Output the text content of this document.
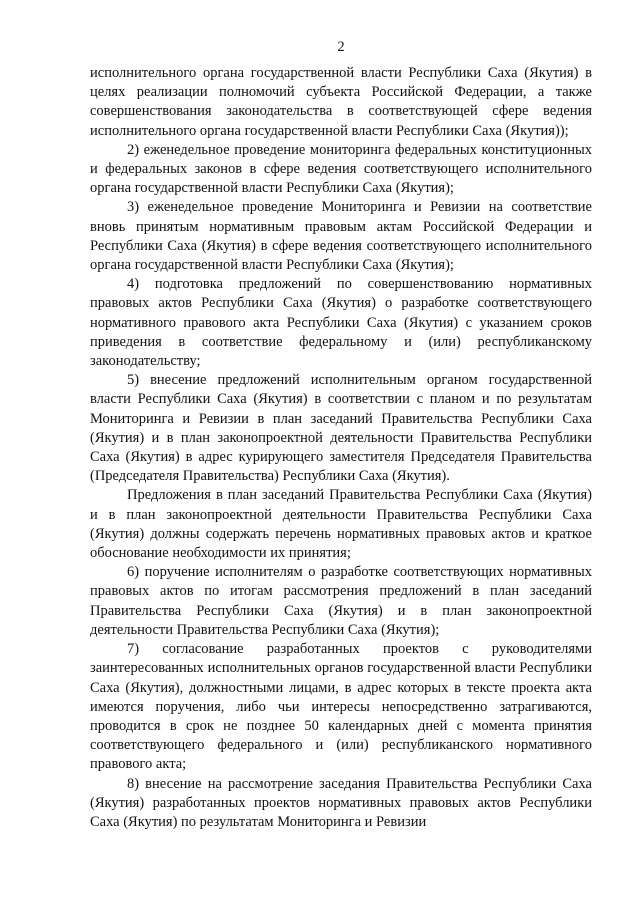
2

исполнительного органа государственной власти Республики Саха (Якутия) в целях реализации полномочий субъекта Российской Федерации, а также совершенствования законодательства в соответствующей сфере ведения исполнительного органа государственной власти Республики Саха (Якутия));

2) еженедельное проведение мониторинга федеральных конституционных и федеральных законов в сфере ведения соответствующего исполнительного органа государственной власти Республики Саха (Якутия);

3) еженедельное проведение Мониторинга и Ревизии на соответствие вновь принятым нормативным правовым актам Российской Федерации и Республики Саха (Якутия) в сфере ведения соответствующего исполнительного органа государственной власти Республики Саха (Якутия);

4) подготовка предложений по совершенствованию нормативных правовых актов Республики Саха (Якутия) о разработке соответствующего нормативного правового акта Республики Саха (Якутия) с указанием сроков приведения в соответствие федеральному и (или) республиканскому законодательству;

5) внесение предложений исполнительным органом государственной власти Республики Саха (Якутия) в соответствии с планом и по результатам Мониторинга и Ревизии в план заседаний Правительства Республики Саха (Якутия) и в план законопроектной деятельности Правительства Республики Саха (Якутия) в адрес курирующего заместителя Председателя Правительства (Председателя Правительства) Республики Саха (Якутия).

Предложения в план заседаний Правительства Республики Саха (Якутия) и в план законопроектной деятельности Правительства Республики Саха (Якутия) должны содержать перечень нормативных правовых актов и краткое обоснование необходимости их принятия;

6) поручение исполнителям о разработке соответствующих нормативных правовых актов по итогам рассмотрения предложений в план заседаний Правительства Республики Саха (Якутия) и в план законопроектной деятельности Правительства Республики Саха (Якутия);

7) согласование разработанных проектов с руководителями заинтересованных исполнительных органов государственной власти Республики Саха (Якутия), должностными лицами, в адрес которых в тексте проекта акта имеются поручения, либо чьи интересы непосредственно затрагиваются, проводится в срок не позднее 50 календарных дней с момента принятия соответствующего федерального и (или) республиканского нормативного правового акта;

8) внесение на рассмотрение заседания Правительства Республики Саха (Якутия) разработанных проектов нормативных правовых актов Республики Саха (Якутия) по результатам Мониторинга и Ревизии
